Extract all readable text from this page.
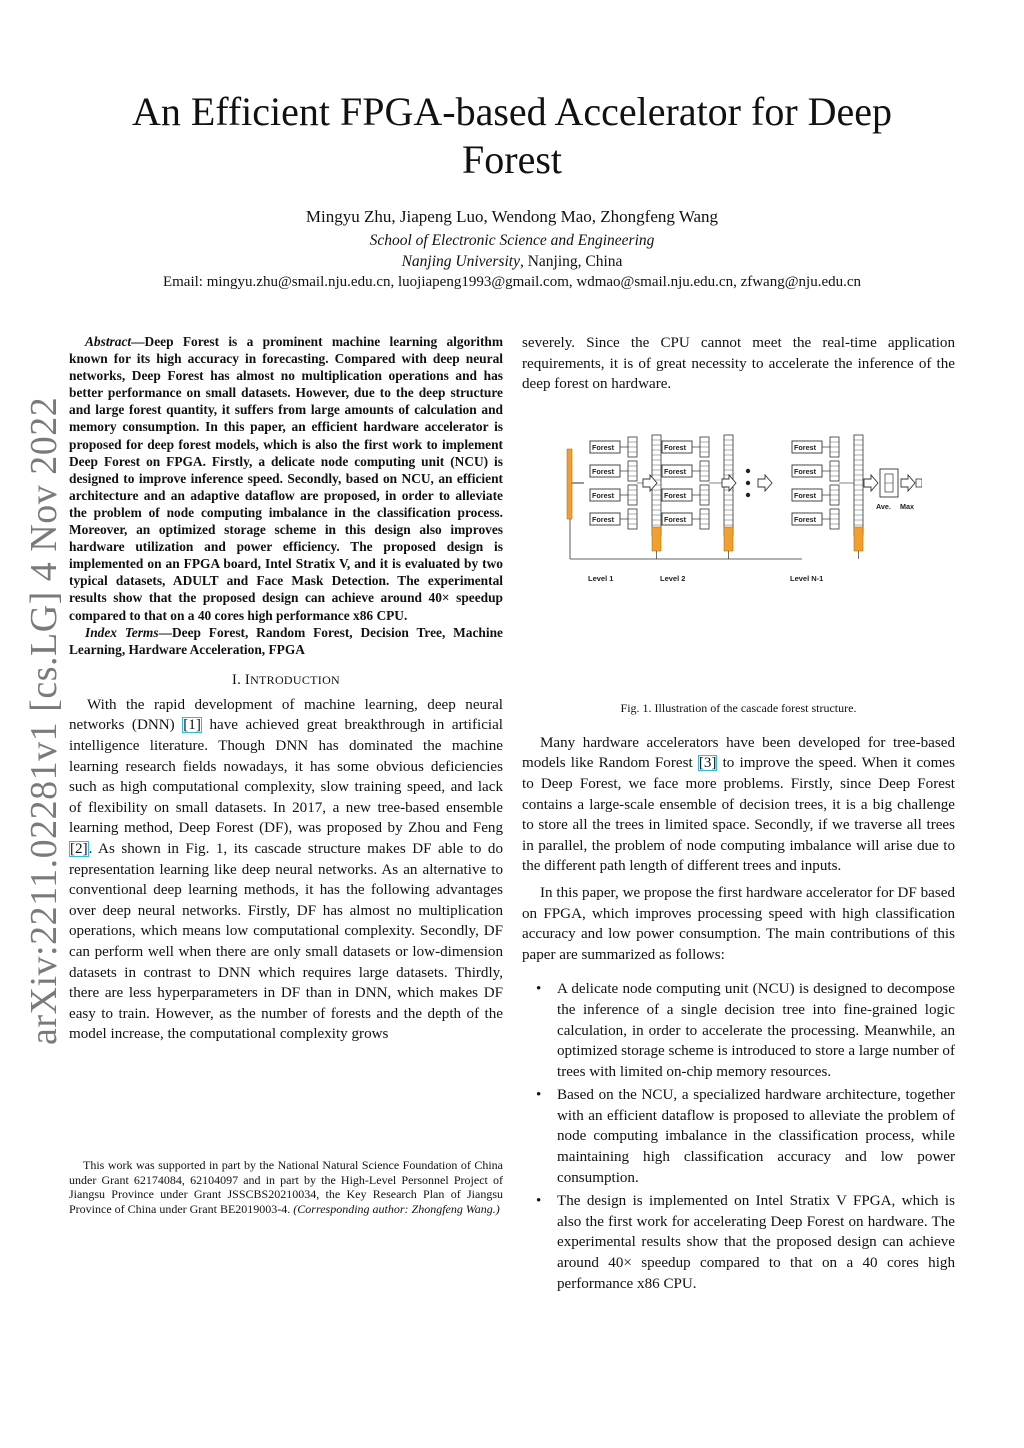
arXiv:2211.02281v1 [cs.LG] 4 Nov 2022
An Efficient FPGA-based Accelerator for Deep Forest
Mingyu Zhu, Jiapeng Luo, Wendong Mao, Zhongfeng Wang
School of Electronic Science and Engineering
Nanjing University, Nanjing, China
Email: mingyu.zhu@smail.nju.edu.cn, luojiapeng1993@gmail.com, wdmao@smail.nju.edu.cn, zfwang@nju.edu.cn

Abstract—Deep Forest is a prominent machine learning algorithm known for its high accuracy in forecasting. Compared with deep neural networks, Deep Forest has almost no multiplication operations and has better performance on small datasets. However, due to the deep structure and large forest quantity, it suffers from large amounts of calculation and memory consumption. In this paper, an efficient hardware accelerator is proposed for deep forest models, which is also the first work to implement Deep Forest on FPGA. Firstly, a delicate node computing unit (NCU) is designed to improve inference speed. Secondly, based on NCU, an efficient architecture and an adaptive dataflow are proposed, in order to alleviate the problem of node computing imbalance in the classification process. Moreover, an optimized storage scheme in this design also improves hardware utilization and power efficiency. The proposed design is implemented on an FPGA board, Intel Stratix V, and it is evaluated by two typical datasets, ADULT and Face Mask Detection. The experimental results show that the proposed design can achieve around 40× speedup compared to that on a 40 cores high performance x86 CPU.

Index Terms—Deep Forest, Random Forest, Decision Tree, Machine Learning, Hardware Acceleration, FPGA

I. INTRODUCTION

With the rapid development of machine learning, deep neural networks (DNN) [1] have achieved great breakthrough in artificial intelligence literature. Though DNN has dominated the machine learning research fields nowadays, it has some obvious deficiencies such as high computational complexity, slow training speed, and lack of flexibility on small datasets. In 2017, a new tree-based ensemble learning method, Deep Forest (DF), was proposed by Zhou and Feng [2]. As shown in Fig. 1, its cascade structure makes DF able to do representation learning like deep neural networks. As an alternative to conventional deep learning methods, it has the following advantages over deep neural networks. Firstly, DF has almost no multiplication operations, which means low computational complexity. Secondly, DF can perform well when there are only small datasets or low-dimension datasets in contrast to DNN which requires large datasets. Thirdly, there are less hyperparameters in DF than in DNN, which makes DF easy to train. However, as the number of forests and the depth of the model increase, the computational complexity grows

This work was supported in part by the National Natural Science Foundation of China under Grant 62174084, 62104097 and in part by the High-Level Personnel Project of Jiangsu Province under Grant JSSCBS20210034, the Key Research Plan of Jiangsu Province of China under Grant BE2019003-4. (Corresponding author: Zhongfeng Wang.)

severely. Since the CPU cannot meet the real-time application requirements, it is of great necessity to accelerate the inference of the deep forest on hardware.

Forest
Forest
Forest
Forest
Level 1
Forest
Forest
Forest
Forest
Level 2
Forest
Forest
Forest
Forest
Level N-1
Ave. Max
Fig. 1. Illustration of the cascade forest structure.

Many hardware accelerators have been developed for tree-based models like Random Forest [3] to improve the speed. When it comes to Deep Forest, we face more problems. Firstly, since Deep Forest contains a large-scale ensemble of decision trees, it is a big challenge to store all the trees in limited space. Secondly, if we traverse all trees in parallel, the problem of node computing imbalance will arise due to the different path length of different trees and inputs.

In this paper, we propose the first hardware accelerator for DF based on FPGA, which improves processing speed with high classification accuracy and low power consumption. The main contributions of this paper are summarized as follows:

• A delicate node computing unit (NCU) is designed to decompose the inference of a single decision tree into fine-grained logic calculation, in order to accelerate the processing. Meanwhile, an optimized storage scheme is introduced to store a large number of trees with limited on-chip memory resources.
• Based on the NCU, a specialized hardware architecture, together with an efficient dataflow is proposed to alleviate the problem of node computing imbalance in the classification process, while maintaining high classification accuracy and low power consumption.
• The design is implemented on Intel Stratix V FPGA, which is also the first work for accelerating Deep Forest on hardware. The experimental results show that the proposed design can achieve around 40× speedup compared to that on a 40 cores high performance x86 CPU.
